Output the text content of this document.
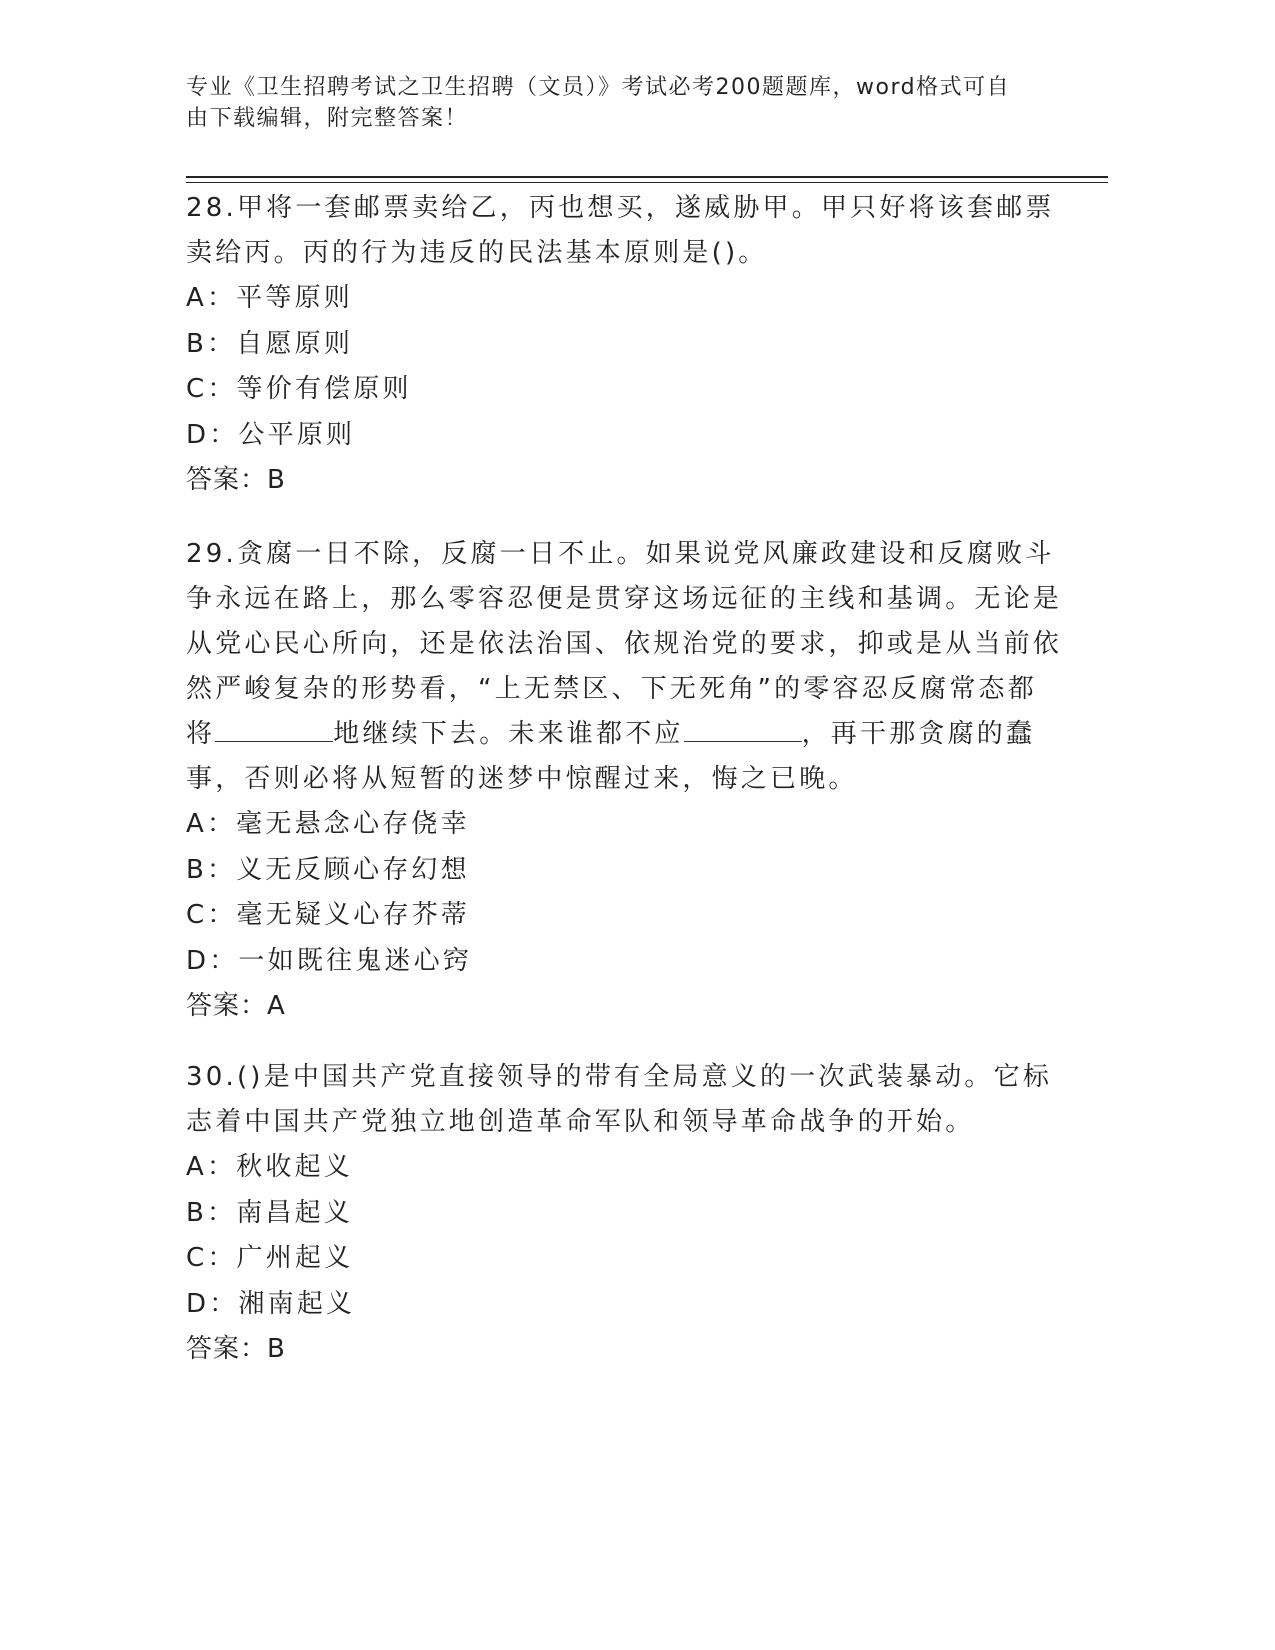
专业《卫生招聘考试之卫生招聘（文员）》考试必考200题题库，word格式可自
由下载编辑，附完整答案！

28.甲将一套邮票卖给乙，丙也想买，遂威胁甲。甲只好将该套邮票卖给丙。丙的行为违反的民法基本原则是()。

A：平等原则

B：自愿原则

C：等价有偿原则

D：公平原则

答案：B

29.贪腐一日不除，反腐一日不止。如果说党风廉政建设和反腐败斗争永远在路上，那么零容忍便是贯穿这场远征的主线和基调。无论是从党心民心所向，还是依法治国、依规治党的要求，抑或是从当前依然严峻复杂的形势看，“上无禁区、下无死角”的零容忍反腐常态都将	地继续下去。未来谁都不应	，再干那贪腐的蠢事，否则必将从短暂的迷梦中惊醒过来，悔之已晚。

A：毫无悬念心存侥幸

B：义无反顾心存幻想

C：毫无疑义心存芥蒂

D：一如既往鬼迷心窍

答案：A

30.()是中国共产党直接领导的带有全局意义的一次武装暴动。它标志着中国共产党独立地创造革命军队和领导革命战争的开始。

A：秋收起义

B：南昌起义

C：广州起义

D：湘南起义

答案：B
